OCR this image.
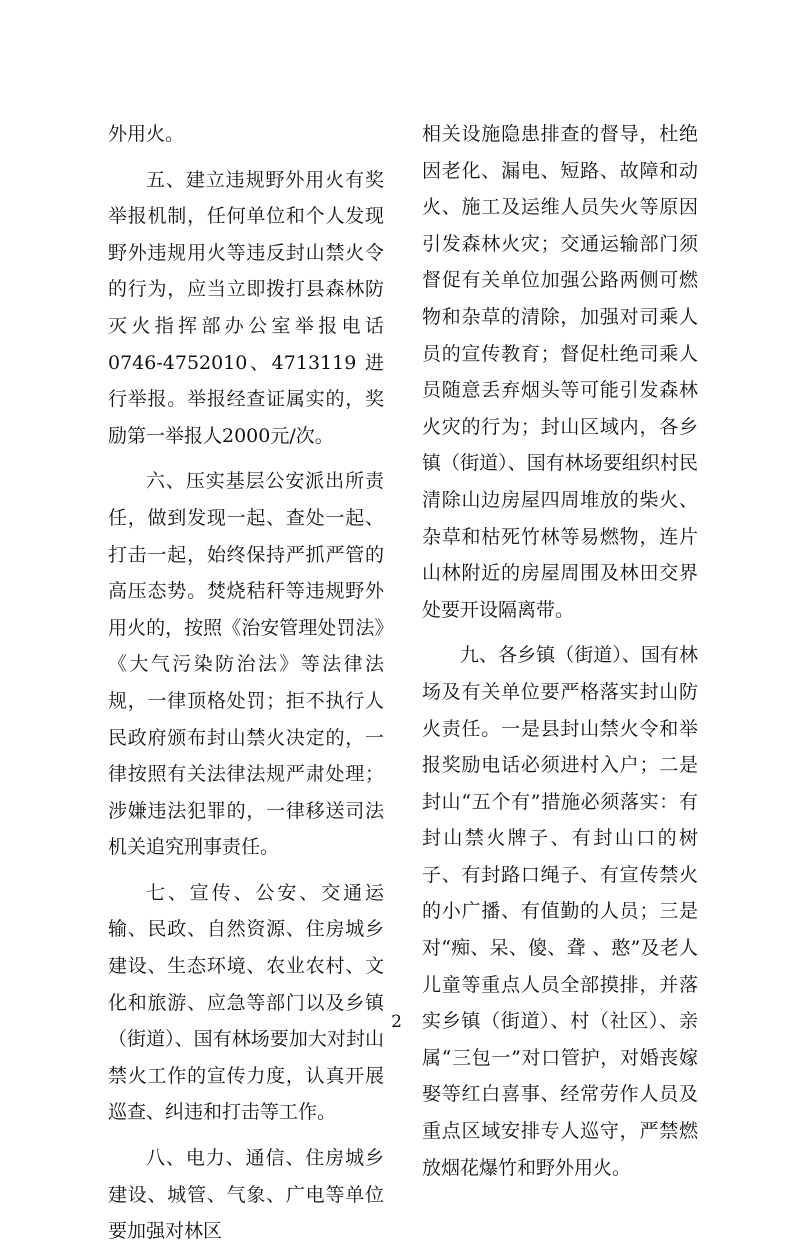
外用火。

五、建立违规野外用火有奖举报机制，任何单位和个人发现野外违规用火等违反封山禁火令的行为，应当立即拨打县森林防灭火指挥部办公室举报电话 0746-4752010、4713119 进行举报。举报经查证属实的，奖励第一举报人2000元/次。

六、压实基层公安派出所责任，做到发现一起、查处一起、打击一起，始终保持严抓严管的高压态势。焚烧秸秆等违规野外用火的，按照《治安管理处罚法》《大气污染防治法》等法律法规，一律顶格处罚；拒不执行人民政府颁布封山禁火决定的，一律按照有关法律法规严肃处理；涉嫌违法犯罪的，一律移送司法机关追究刑事责任。

七、宣传、公安、交通运输、民政、自然资源、住房城乡建设、生态环境、农业农村、文化和旅游、应急等部门以及乡镇（街道）、国有林场要加大对封山禁火工作的宣传力度，认真开展巡查、纠违和打击等工作。

八、电力、通信、住房城乡建设、城管、气象、广电等单位要加强对林区

相关设施隐患排查的督导，杜绝因老化、漏电、短路、故障和动火、施工及运维人员失火等原因引发森林火灾；交通运输部门须督促有关单位加强公路两侧可燃物和杂草的清除，加强对司乘人员的宣传教育；督促杜绝司乘人员随意丢弃烟头等可能引发森林火灾的行为；封山区域内，各乡镇（街道）、国有林场要组织村民清除山边房屋四周堆放的柴火、杂草和枯死竹林等易燃物，连片山林附近的房屋周围及林田交界处要开设隔离带。

九、各乡镇（街道）、国有林场及有关单位要严格落实封山防火责任。一是县封山禁火令和举报奖励电话必须进村入户；二是封山“五个有”措施必须落实：有封山禁火牌子、有封山口的树子、有封路口绳子、有宣传禁火的小广播、有值勤的人员；三是对“痴、呆、傻、聋 、憨”及老人儿童等重点人员全部摸排，并落实乡镇（街道）、村（社区）、亲属“三包一”对口管护，对婚丧嫁娶等红白喜事、经常劳作人员及重点区域安排专人巡守，严禁燃放烟花爆竹和野外用火。

2
